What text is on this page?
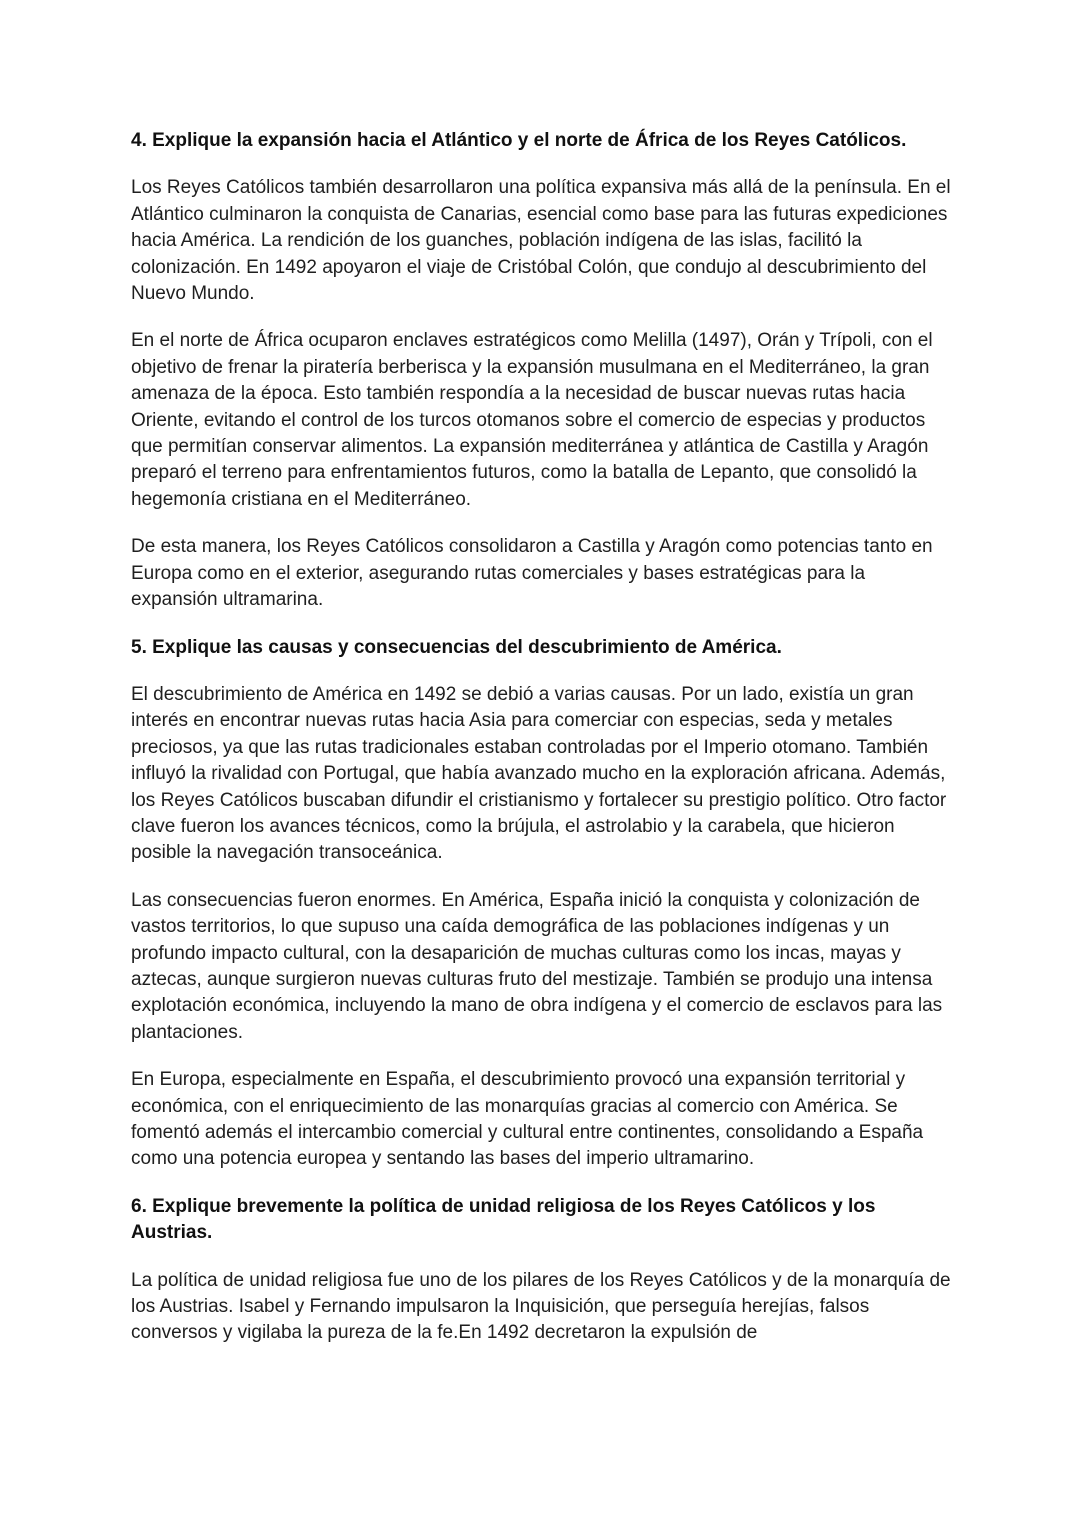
4. Explique la expansión hacia el Atlántico y el norte de África de los Reyes Católicos.

Los Reyes Católicos también desarrollaron una política expansiva más allá de la península. En el Atlántico culminaron la conquista de Canarias, esencial como base para las futuras expediciones hacia América. La rendición de los guanches, población indígena de las islas, facilitó la colonización. En 1492 apoyaron el viaje de Cristóbal Colón, que condujo al descubrimiento del Nuevo Mundo.

En el norte de África ocuparon enclaves estratégicos como Melilla (1497), Orán y Trípoli, con el objetivo de frenar la piratería berberisca y la expansión musulmana en el Mediterráneo, la gran amenaza de la época. Esto también respondía a la necesidad de buscar nuevas rutas hacia Oriente, evitando el control de los turcos otomanos sobre el comercio de especias y productos que permitían conservar alimentos. La expansión mediterránea y atlántica de Castilla y Aragón preparó el terreno para enfrentamientos futuros, como la batalla de Lepanto, que consolidó la hegemonía cristiana en el Mediterráneo.

De esta manera, los Reyes Católicos consolidaron a Castilla y Aragón como potencias tanto en Europa como en el exterior, asegurando rutas comerciales y bases estratégicas para la expansión ultramarina.

5. Explique las causas y consecuencias del descubrimiento de América.

El descubrimiento de América en 1492 se debió a varias causas. Por un lado, existía un gran interés en encontrar nuevas rutas hacia Asia para comerciar con especias, seda y metales preciosos, ya que las rutas tradicionales estaban controladas por el Imperio otomano. También influyó la rivalidad con Portugal, que había avanzado mucho en la exploración africana. Además, los Reyes Católicos buscaban difundir el cristianismo y fortalecer su prestigio político. Otro factor clave fueron los avances técnicos, como la brújula, el astrolabio y la carabela, que hicieron posible la navegación transoceánica.

Las consecuencias fueron enormes. En América, España inició la conquista y colonización de vastos territorios, lo que supuso una caída demográfica de las poblaciones indígenas y un profundo impacto cultural, con la desaparición de muchas culturas como los incas, mayas y aztecas, aunque surgieron nuevas culturas fruto del mestizaje. También se produjo una intensa explotación económica, incluyendo la mano de obra indígena y el comercio de esclavos para las plantaciones.

En Europa, especialmente en España, el descubrimiento provocó una expansión territorial y económica, con el enriquecimiento de las monarquías gracias al comercio con América. Se fomentó además el intercambio comercial y cultural entre continentes, consolidando a España como una potencia europea y sentando las bases del imperio ultramarino.

6. Explique brevemente la política de unidad religiosa de los Reyes Católicos y los Austrias.

La política de unidad religiosa fue uno de los pilares de los Reyes Católicos y de la monarquía de los Austrias. Isabel y Fernando impulsaron la Inquisición, que perseguía herejías, falsos conversos y vigilaba la pureza de la fe.En 1492 decretaron la expulsión de
